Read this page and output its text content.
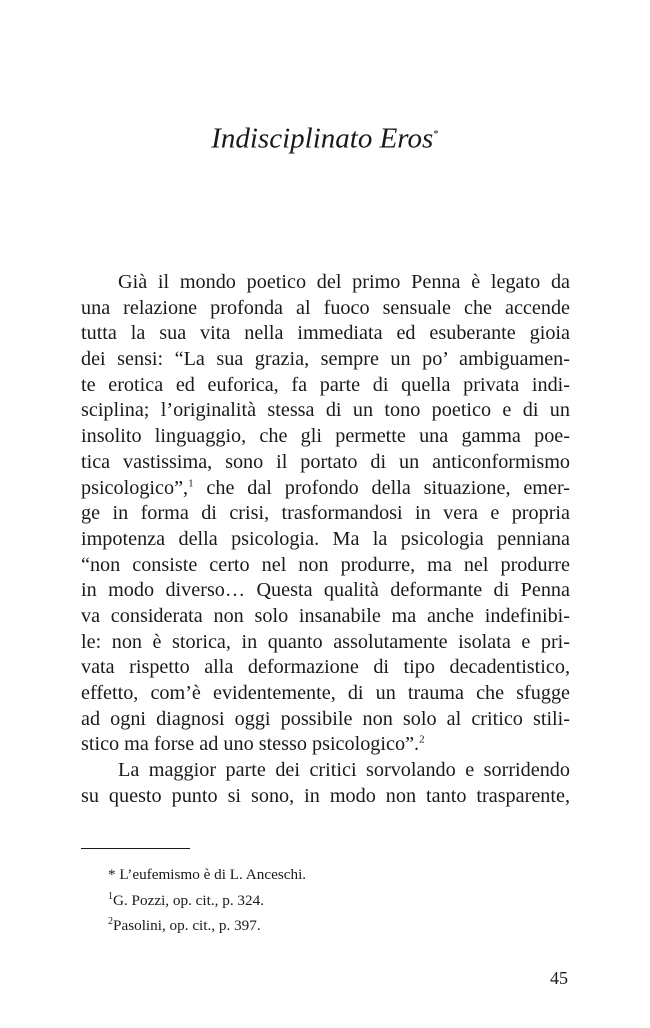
Indisciplinato Eros*
Già il mondo poetico del primo Penna è legato da
una relazione profonda al fuoco sensuale che accende
tutta la sua vita nella immediata ed esuberante gioia
dei sensi: “La sua grazia, sempre un po’ ambiguamen-
te erotica ed euforica, fa parte di quella privata indi-
sciplina; l’originalità stessa di un tono poetico e di un
insolito linguaggio, che gli permette una gamma poe-
tica vastissima, sono il portato di un anticonformismo
psicologico”,$^1$ che dal profondo della situazione, emer-
ge in forma di crisi, trasformandosi in vera e propria
impotenza della psicologia. Ma la psicologia penniana
“non consiste certo nel non produrre, ma nel produrre
in modo diverso… Questa qualità deformante di Penna
va considerata non solo insanabile ma anche indefinibi-
le: non è storica, in quanto assolutamente isolata e pri-
vata rispetto alla deformazione di tipo decadentistico,
effetto, com’è evidentemente, di un trauma che sfugge
ad ogni diagnosi oggi possibile non solo al critico stili-
stico ma forse ad uno stesso psicologico”.$^2$
La maggior parte dei critici sorvolando e sorridendo
su questo punto si sono, in modo non tanto trasparente,
* L’eufemismo è di L. Anceschi.
$^1$G. Pozzi, op. cit., p. 324.
$^2$Pasolini, op. cit., p. 397.
45
